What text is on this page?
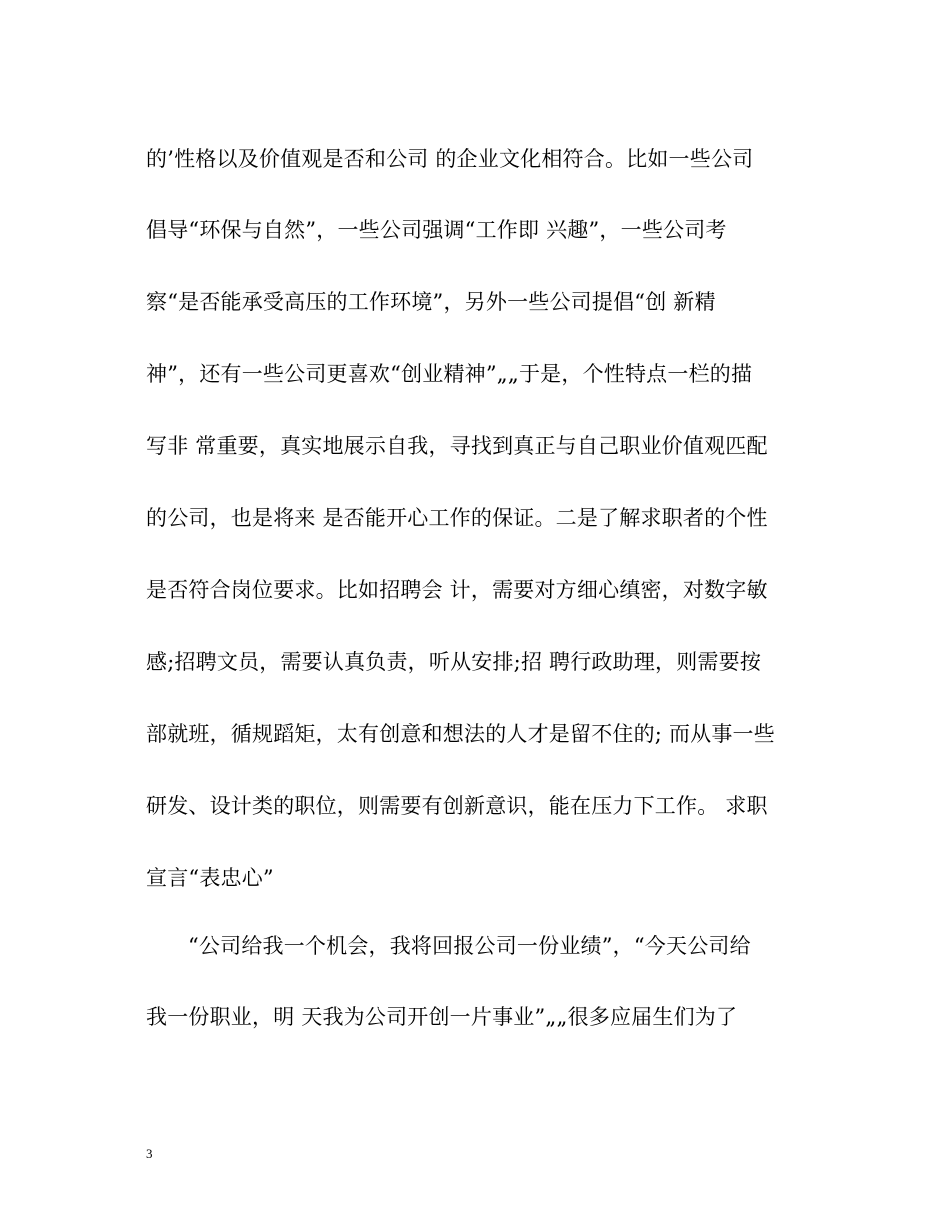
的’性格以及价值观是否和公司 的企业文化相符合。比如一些公司
倡导“环保与自然”，一些公司强调“工作即 兴趣”，一些公司考
察“是否能承受高压的工作环境”，另外一些公司提倡“创 新精
神”，还有一些公司更喜欢“创业精神”„„于是，个性特点一栏的描
写非 常重要，真实地展示自我，寻找到真正与自己职业价值观匹配
的公司，也是将来 是否能开心工作的保证。二是了解求职者的个性
是否符合岗位要求。比如招聘会 计，需要对方细心缜密，对数字敏
感;招聘文员，需要认真负责，听从安排;招 聘行政助理，则需要按
部就班，循规蹈矩，太有创意和想法的人才是留不住的; 而从事一些
研发、设计类的职位，则需要有创新意识，能在压力下工作。 求职
宣言“表忠心”
“公司给我一个机会，我将回报公司一份业绩”，“今天公司给
我一份职业，明 天我为公司开创一片事业”„„很多应届生们为了
3
